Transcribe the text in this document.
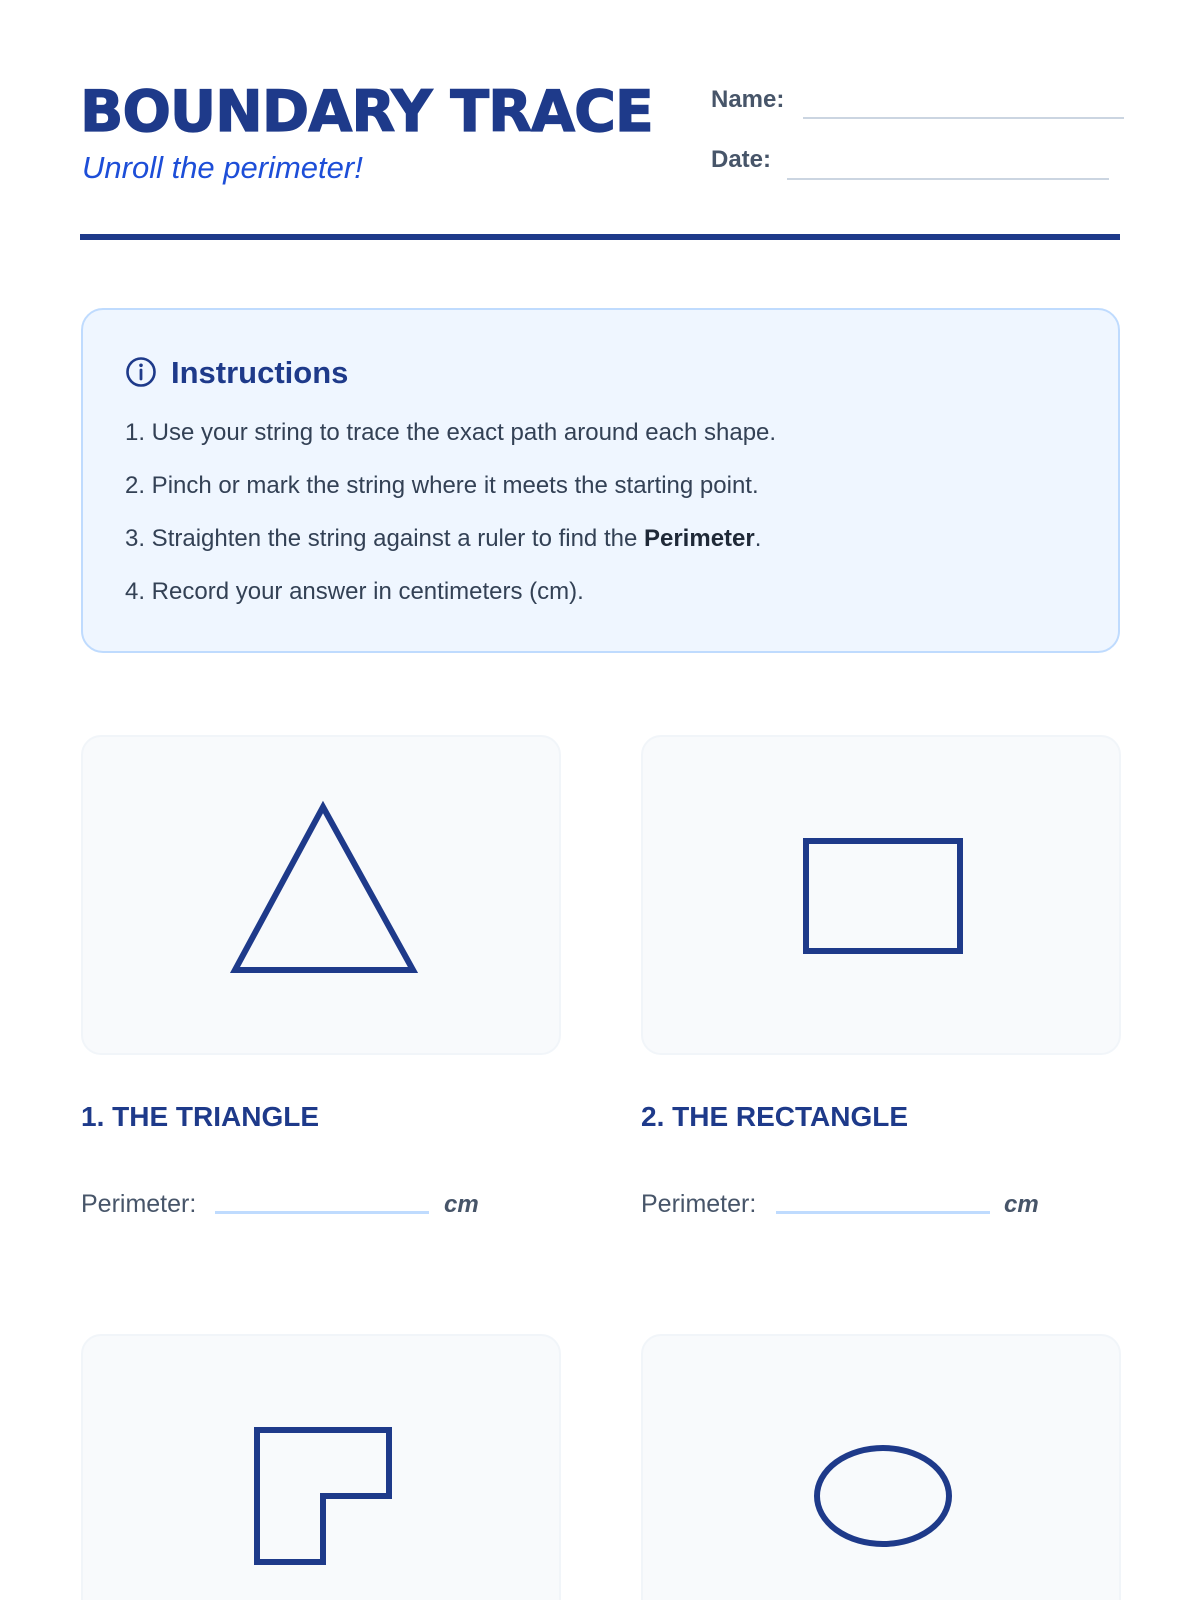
BOUNDARY TRACE
Unroll the perimeter!
Name:
Date:
Instructions
1. Use your string to trace the exact path around each shape.
2. Pinch or mark the string where it meets the starting point.
3. Straighten the string against a ruler to find the Perimeter.
4. Record your answer in centimeters (cm).
1. THE TRIANGLE
Perimeter:	cm
2. THE RECTANGLE
Perimeter:	cm
